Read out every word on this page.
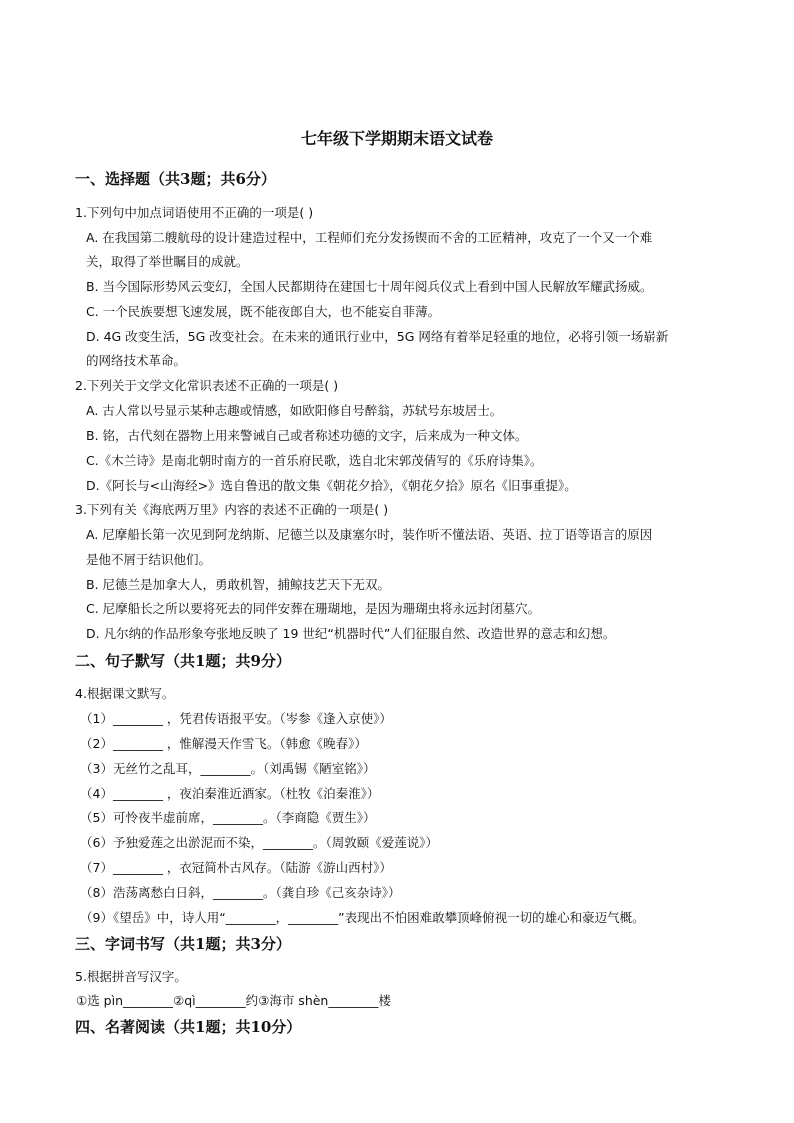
七年级下学期期末语文试卷
一、选择题（共3题；共6分）
1.下列句中加点词语使用不正确的一项是( )
A. 在我国第二艘航母的设计建造过程中，工程师们充分发扬锲而不舍的工匠精神，攻克了一个又一个难
关，取得了举世瞩目的成就。
B. 当今国际形势风云变幻，全国人民都期待在建国七十周年阅兵仪式上看到中国人民解放军耀武扬威。
C. 一个民族要想飞速发展，既不能夜郎自大，也不能妄自菲薄。
D. 4G 改变生活，5G 改变社会。在未来的通讯行业中，5G 网络有着举足轻重的地位，必将引领一场崭新
的网络技术革命。
2.下列关于文学文化常识表述不正确的一项是( )
A. 古人常以号显示某种志趣或情感，如欧阳修自号醉翁，苏轼号东坡居士。
B. 铭，古代刻在器物上用来警诫自己或者称述功德的文字，后来成为一种文体。
C.《木兰诗》是南北朝时南方的一首乐府民歌，选自北宋郭茂倩写的《乐府诗集》。
D.《阿长与<山海经>》选自鲁迅的散文集《朝花夕拾》，《朝花夕拾》原名《旧事重提》。
3.下列有关《海底两万里》内容的表述不正确的一项是( )
A. 尼摩船长第一次见到阿龙纳斯、尼德兰以及康塞尔时，装作听不懂法语、英语、拉丁语等语言的原因
是他不屑于结识他们。
B. 尼德兰是加拿大人，勇敢机智，捕鲸技艺天下无双。
C. 尼摩船长之所以要将死去的同伴安葬在珊瑚地，是因为珊瑚虫将永远封闭墓穴。
D. 凡尔纳的作品形象夸张地反映了 19 世纪“机器时代”人们征服自然、改造世界的意志和幻想。
二、句子默写（共1题；共9分）
4.根据课文默写。
（1）________ ，凭君传语报平安。（岑参《逢入京使》）
（2）________ ，惟解漫天作雪飞。（韩愈《晚春》）
（3）无丝竹之乱耳，________。（刘禹锡《陋室铭》）
（4）________ ，夜泊秦淮近酒家。（杜牧《泊秦淮》）
（5）可怜夜半虚前席，________。（李商隐《贾生》）
（6）予独爱莲之出淤泥而不染，________。（周敦颐《爱莲说》）
（7）________ ，衣冠简朴古风存。（陆游《游山西村》）
（8）浩荡离愁白日斜，________。（龚自珍《己亥杂诗》）
（9）《望岳》中，诗人用“________，________”表现出不怕困难敢攀顶峰俯视一切的雄心和豪迈气概。
三、字词书写（共1题；共3分）
5.根据拼音写汉字。
①选 pìn________②qì________约③海市 shèn________楼
四、名著阅读（共1题；共10分）
